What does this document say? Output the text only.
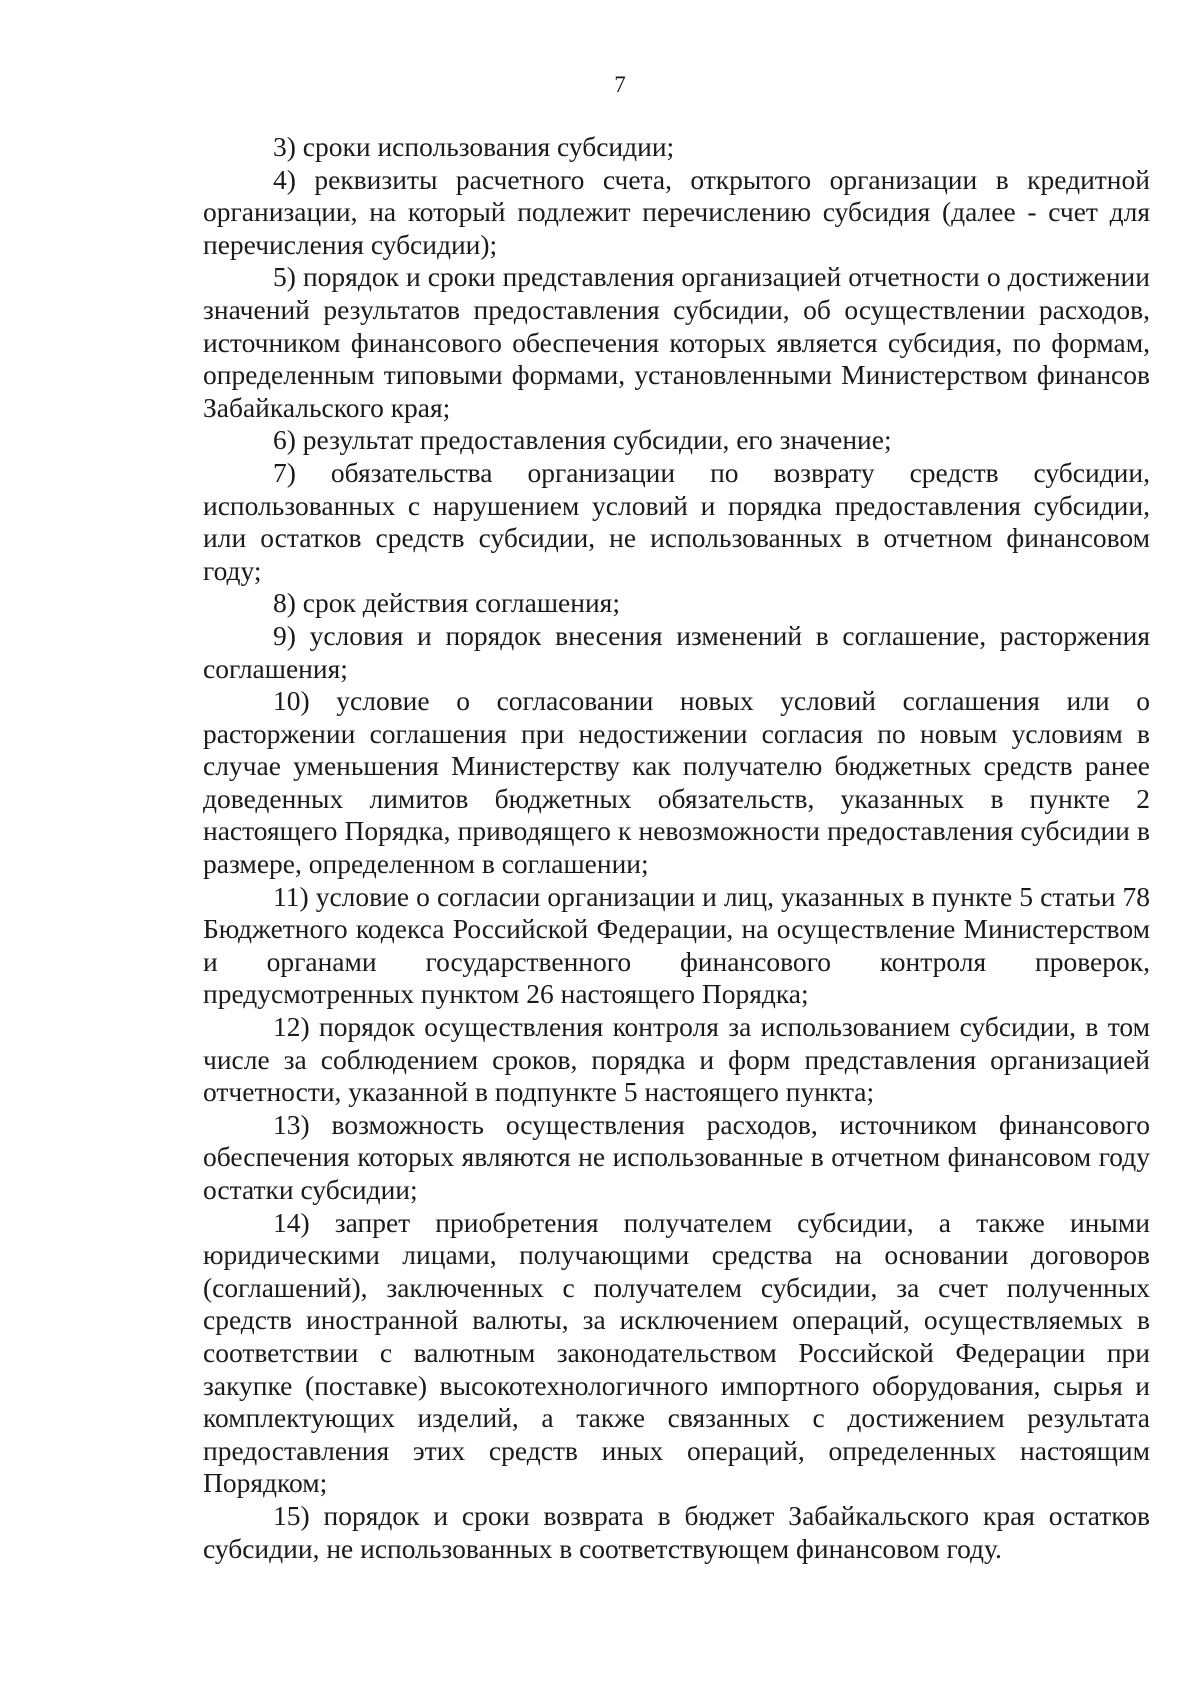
7

3) сроки использования субсидии;

4) реквизиты расчетного счета, открытого организации в кредитной организации, на который подлежит перечислению субсидия (далее - счет для перечисления субсидии);

5) порядок и сроки представления организацией отчетности о достижении значений результатов предоставления субсидии, об осуществлении расходов, источником финансового обеспечения которых является субсидия, по формам, определенным типовыми формами, установленными Министерством финансов Забайкальского края;

6) результат предоставления субсидии, его значение;

7) обязательства организации по возврату средств субсидии, использованных с нарушением условий и порядка предоставления субсидии, или остатков средств субсидии, не использованных в отчетном финансовом году;

8) срок действия соглашения;

9) условия и порядок внесения изменений в соглашение, расторжения соглашения;

10) условие о согласовании новых условий соглашения или о расторжении соглашения при недостижении согласия по новым условиям в случае уменьшения Министерству как получателю бюджетных средств ранее доведенных лимитов бюджетных обязательств, указанных в пункте 2 настоящего Порядка, приводящего к невозможности предоставления субсидии в размере, определенном в соглашении;

11) условие о согласии организации и лиц, указанных в пункте 5 статьи 78 Бюджетного кодекса Российской Федерации, на осуществление Министерством и органами государственного финансового контроля проверок, предусмотренных пунктом 26 настоящего Порядка;

12) порядок осуществления контроля за использованием субсидии, в том числе за соблюдением сроков, порядка и форм представления организацией отчетности, указанной в подпункте 5 настоящего пункта;

13) возможность осуществления расходов, источником финансового обеспечения которых являются не использованные в отчетном финансовом году остатки субсидии;

14) запрет приобретения получателем субсидии, а также иными юридическими лицами, получающими средства на основании договоров (соглашений), заключенных с получателем субсидии, за счет полученных средств иностранной валюты, за исключением операций, осуществляемых в соответствии с валютным законодательством Российской Федерации при закупке (поставке) высокотехнологичного импортного оборудования, сырья и комплектующих изделий, а также связанных с достижением результата предоставления этих средств иных операций, определенных настоящим Порядком;

15) порядок и сроки возврата в бюджет Забайкальского края остатков субсидии, не использованных в соответствующем финансовом году.
